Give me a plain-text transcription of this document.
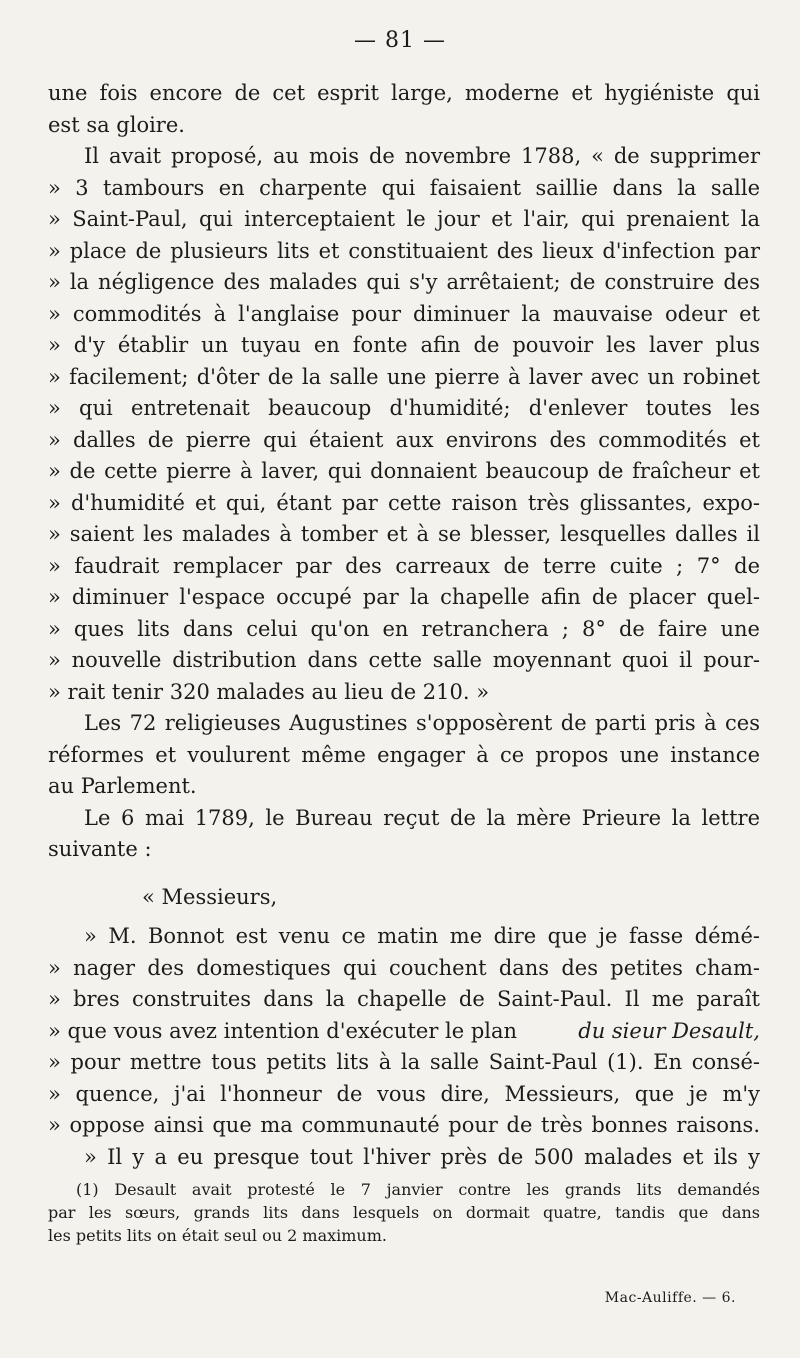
— 81 —
une fois encore de cet esprit large, moderne et hygiéniste qui
est sa gloire.
Il avait proposé, au mois de novembre 1788, « de supprimer
» 3 tambours en charpente qui faisaient saillie dans la salle
» Saint-Paul, qui interceptaient le jour et l'air, qui prenaient la
» place de plusieurs lits et constituaient des lieux d'infection par
» la négligence des malades qui s'y arrêtaient; de construire des
» commodités à l'anglaise pour diminuer la mauvaise odeur et
» d'y établir un tuyau en fonte afin de pouvoir les laver plus
» facilement; d'ôter de la salle une pierre à laver avec un robinet
» qui entretenait beaucoup d'humidité; d'enlever toutes les
» dalles de pierre qui étaient aux environs des commodités et
» de cette pierre à laver, qui donnaient beaucoup de fraîcheur et
» d'humidité et qui, étant par cette raison très glissantes, expo-
» saient les malades à tomber et à se blesser, lesquelles dalles il
» faudrait remplacer par des carreaux de terre cuite ; 7° de
» diminuer l'espace occupé par la chapelle afin de placer quel-
» ques lits dans celui qu'on en retranchera ; 8° de faire une
» nouvelle distribution dans cette salle moyennant quoi il pour-
» rait tenir 320 malades au lieu de 210. »
Les 72 religieuses Augustines s'opposèrent de parti pris à ces
réformes et voulurent même engager à ce propos une instance
au Parlement.
Le 6 mai 1789, le Bureau reçut de la mère Prieure la lettre
suivante :
« Messieurs,
» M. Bonnot est venu ce matin me dire que je fasse démé-
» nager des domestiques qui couchent dans des petites cham-
» bres construites dans la chapelle de Saint-Paul. Il me paraît
» que vous avez intention d'exécuter le plan	du sieur Desault,
» pour mettre tous petits lits à la salle Saint-Paul (1). En consé-
» quence, j'ai l'honneur de vous dire, Messieurs, que je m'y
» oppose ainsi que ma communauté pour de très bonnes raisons.
» Il y a eu presque tout l'hiver près de 500 malades et ils y
(1) Desault avait protesté le 7 janvier contre les grands lits demandés
par les sœurs, grands lits dans lesquels on dormait quatre, tandis que dans
les petits lits on était seul ou 2 maximum.
Mac-Auliffe. — 6.
